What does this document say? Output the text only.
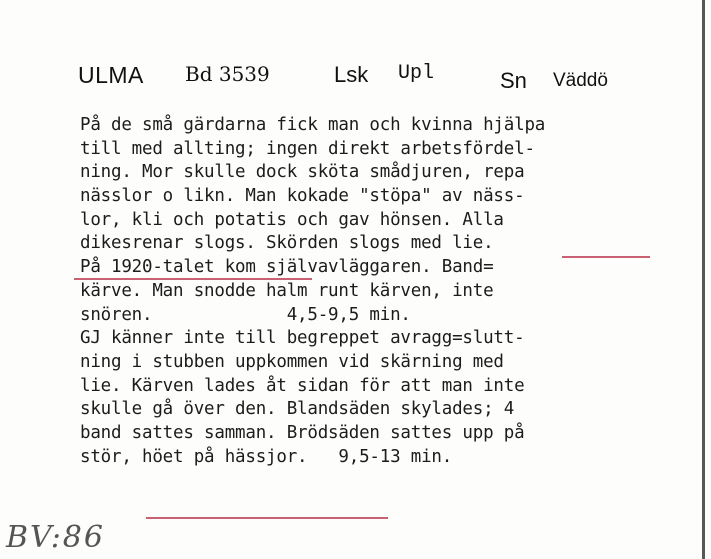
ULMA Bd 3539	Lsk Upl	Sn Väddö
På de små gärdarna fick man och kvinna hjälpa
till med allting; ingen direkt arbetsfördel-
ning. Mor skulle dock sköta smådjuren, repa
nässlor o likn. Man kokade "stöpa" av näss-
lor, kli och potatis och gav hönsen. Alla
dikesrenar slogs. Skörden slogs med lie.
På 1920-talet kom självavläggaren. Band=
kärve. Man snodde halm runt kärven, inte
snören.             4,5-9,5 min.
GJ känner inte till begreppet avragg=slutt-
ning i stubben uppkommen vid skärning med
lie. Kärven lades åt sidan för att man inte
skulle gå över den. Blandsäden skylades; 4
band sattes samman. Brödsäden sattes upp på
stör, höet på hässjor.   9,5-13 min.
BV:86
